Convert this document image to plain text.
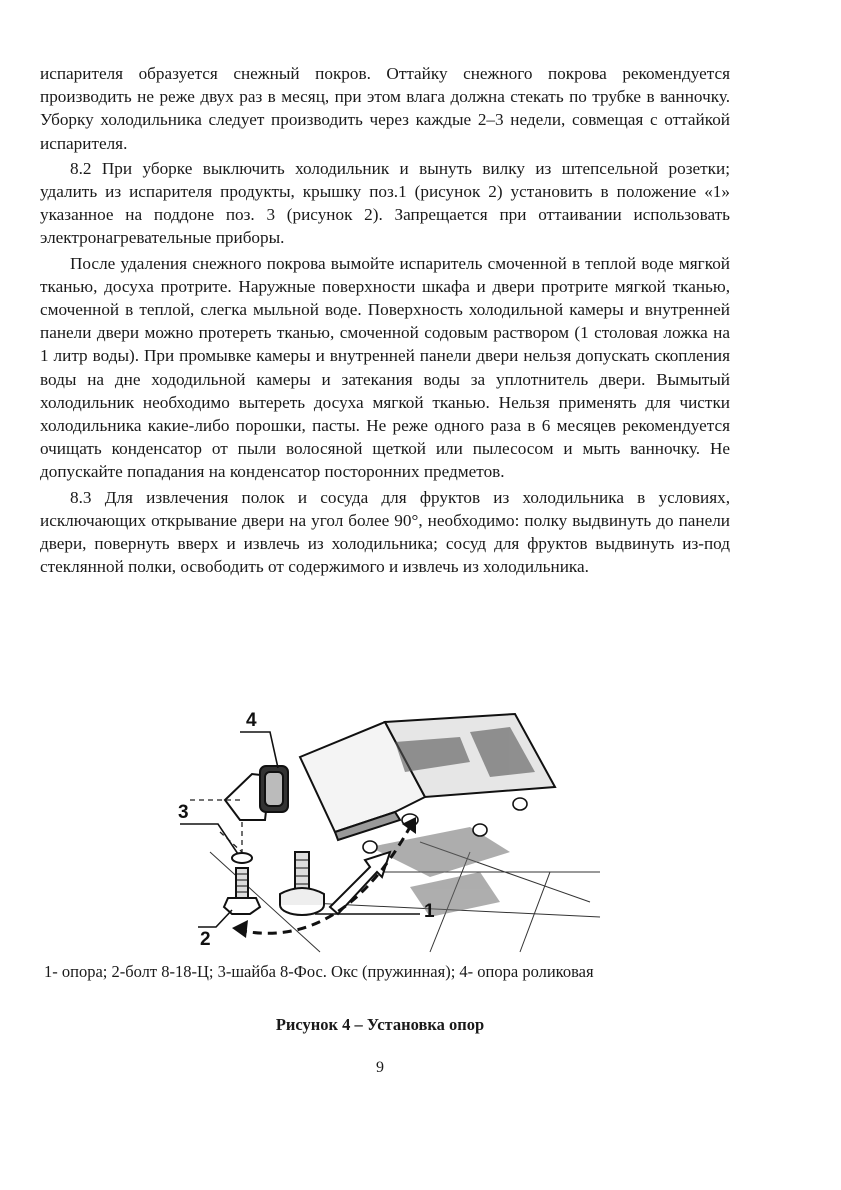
испарителя образуется снежный покров. Оттайку снежного покрова рекомендуется производить не реже двух раз в месяц, при этом влага должна стекать по трубке в ванночку. Уборку холодильника следует производить через каждые 2–3 недели, совмещая с оттайкой испарителя.

8.2 При уборке выключить холодильник и вынуть вилку из штепсельной розетки; удалить из испарителя продукты, крышку поз.1 (рисунок 2) установить в положение «1» указанное на поддоне поз. 3 (рисунок 2). Запрещается при оттаивании использовать электронагревательные приборы.

После удаления снежного покрова вымойте испаритель смоченной в теплой воде мягкой тканью, досуха протрите. Наружные поверхности шкафа и двери протрите мягкой тканью, смоченной в теплой, слегка мыльной воде. Поверхность холодильной камеры и внутренней панели двери можно протереть тканью, смоченной содовым раствором (1 столовая ложка на 1 литр воды). При промывке камеры и внутренней панели двери нельзя допускать скопления воды на дне хододильной камеры и затекания воды за уплотнитель двери. Вымытый холодильник необходимо вытереть досуха мягкой тканью. Нельзя применять для чистки холодильника какие-либо порошки, пасты. Не реже одного раза в 6 месяцев рекомендуется очищать конденсатор от пыли волосяной щеткой или пылесосом и мыть ванночку. Не допускайте попадания на конденсатор посторонних предметов.

8.3 Для извлечения полок и сосуда для фруктов из холодильника в условиях, исключающих открывание двери на угол более 90°, необходимо: полку выдвинуть до панели двери, повернуть вверх и извлечь из холодильника; сосуд для фруктов выдвинуть из-под стеклянной полки, освободить от содержимого и извлечь из холодильника.

4
3
2
1
1- опора; 2-болт 8-18-Ц; 3-шайба 8-Фос. Окс (пружинная); 4- опора роликовая
Рисунок 4 – Установка опор
9
